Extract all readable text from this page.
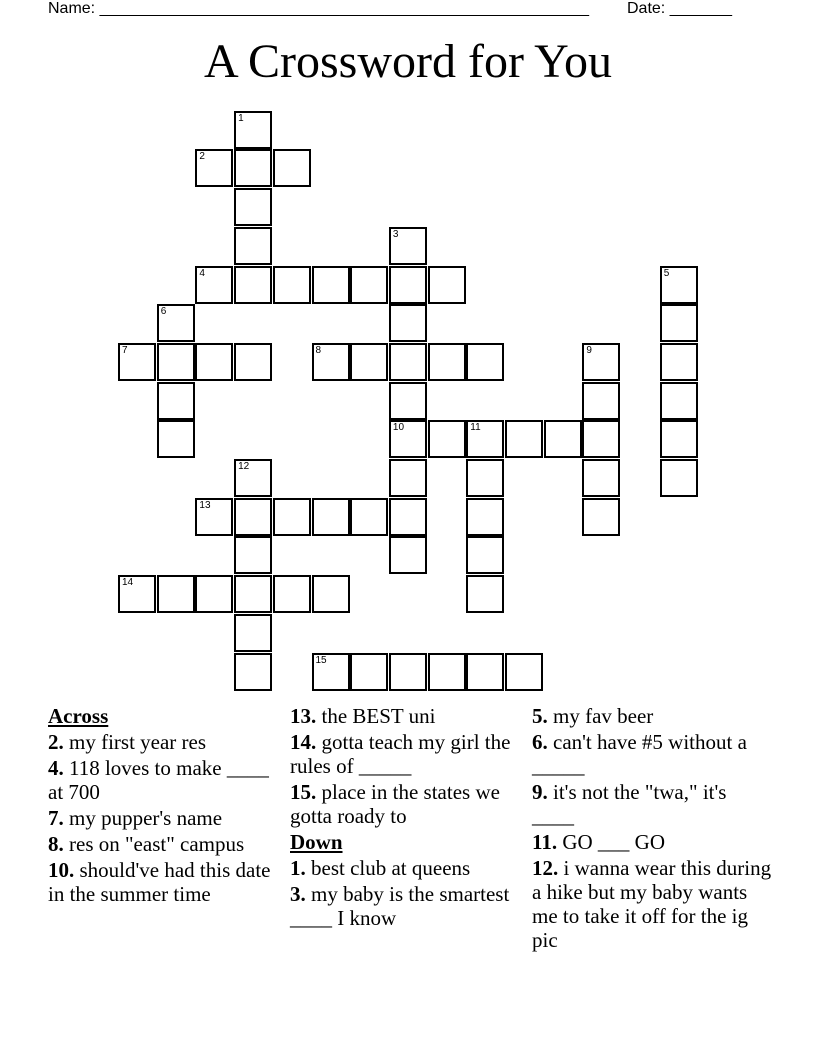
Name: _______________________________________________________ Date: _______
A Crossword for You
1
2
3
4	5
6
7	8	9
10	11
12
13
14
15
Across
2. my first year res
4. 118 loves to make ____ at 700
7. my pupper's name
8. res on "east" campus
10. should've had this date in the summer time
13. the BEST uni
14. gotta teach my girl the rules of _____
15. place in the states we gotta roady to
Down
1. best club at queens
3. my baby is the smartest ____ I know
5. my fav beer
6. can't have #5 without a _____
9. it's not the "twa," it's ____
11. GO ___ GO
12. i wanna wear this during a hike but my baby wants me to take it off for the ig pic
